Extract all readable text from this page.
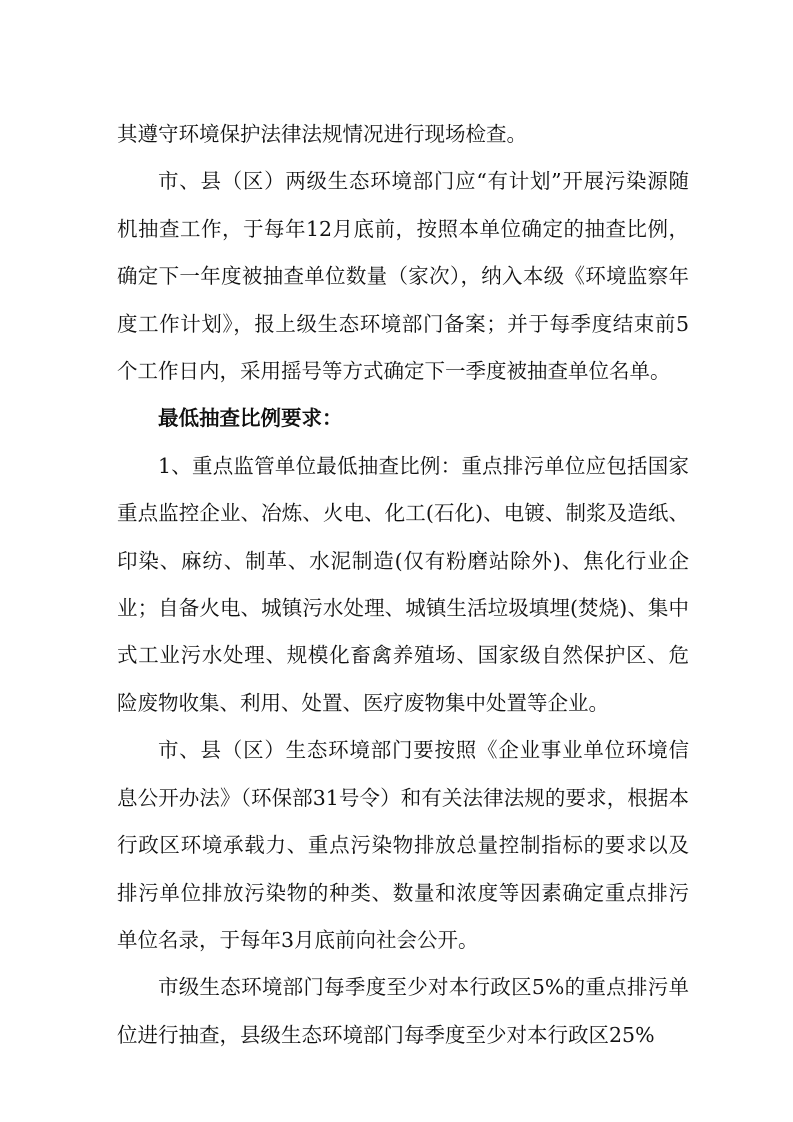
其遵守环境保护法律法规情况进行现场检查。

市、县（区）两级生态环境部门应“有计划”开展污染源随机抽查工作，于每年12月底前，按照本单位确定的抽查比例，确定下一年度被抽查单位数量（家次），纳入本级《环境监察年度工作计划》，报上级生态环境部门备案；并于每季度结束前5个工作日内，采用摇号等方式确定下一季度被抽查单位名单。

最低抽查比例要求：

1、重点监管单位最低抽查比例：重点排污单位应包括国家重点监控企业、冶炼、火电、化工(石化)、电镀、制浆及造纸、印染、麻纺、制革、水泥制造(仅有粉磨站除外)、焦化行业企业；自备火电、城镇污水处理、城镇生活垃圾填埋(焚烧)、集中式工业污水处理、规模化畜禽养殖场、国家级自然保护区、危险废物收集、利用、处置、医疗废物集中处置等企业。

市、县（区）生态环境部门要按照《企业事业单位环境信息公开办法》（环保部31号令）和有关法律法规的要求，根据本行政区环境承载力、重点污染物排放总量控制指标的要求以及排污单位排放污染物的种类、数量和浓度等因素确定重点排污单位名录，于每年3月底前向社会公开。

市级生态环境部门每季度至少对本行政区5%的重点排污单位进行抽查，县级生态环境部门每季度至少对本行政区25%
